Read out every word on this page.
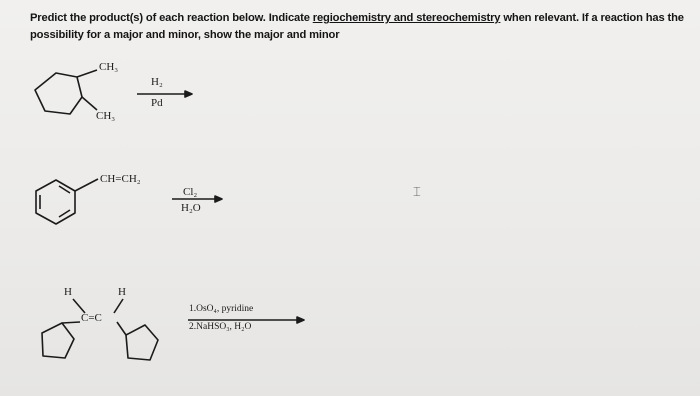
Predict the product(s) of each reaction below. Indicate regiochemistry and stereochemistry when relevant. If a reaction has the possibility for a major and minor, show the major and minor
CH₃
CH₃
H₂
Pd
CH=CH₂
Cl₂
H₂O
H	H
C=C
1.OsO₄, pyridine
2.NaHSO₃, H₂O
⌶
